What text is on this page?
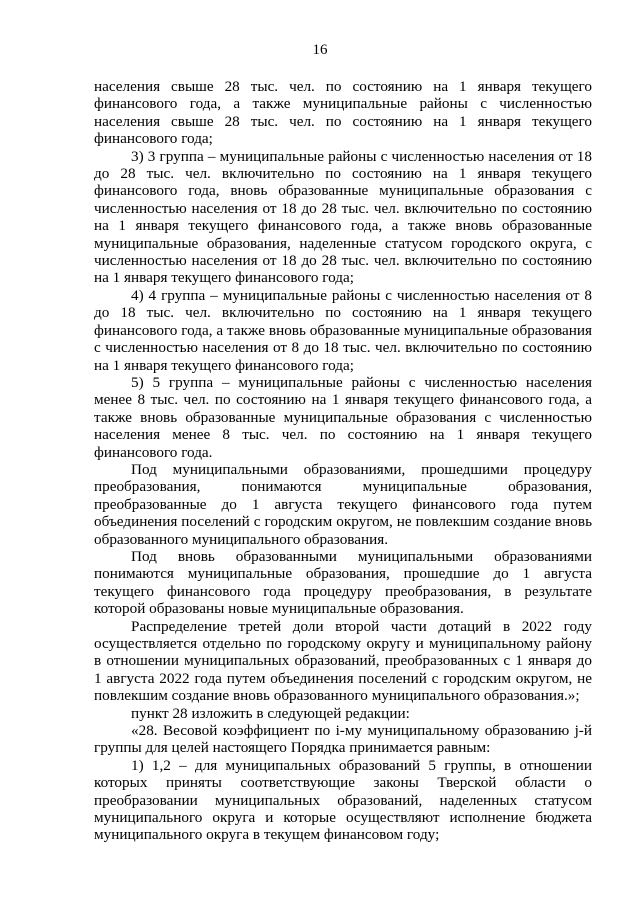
16

населения свыше 28 тыс. чел. по состоянию на 1 января текущего финансового года, а также муниципальные районы с численностью населения свыше 28 тыс. чел. по состоянию на 1 января текущего финансового года;

3) 3 группа – муниципальные районы с численностью населения от 18 до 28 тыс. чел. включительно по состоянию на 1 января текущего финансового года, вновь образованные муниципальные образования с численностью населения от 18 до 28 тыс. чел. включительно по состоянию на 1 января текущего финансового года, а также вновь образованные муниципальные образования, наделенные статусом городского округа, с численностью населения от 18 до 28 тыс. чел. включительно по состоянию на 1 января текущего финансового года;

4) 4 группа – муниципальные районы с численностью населения от 8 до 18 тыс. чел. включительно по состоянию на 1 января текущего финансового года, а также вновь образованные муниципальные образования с численностью населения от 8 до 18 тыс. чел. включительно по состоянию на 1 января текущего финансового года;

5) 5 группа – муниципальные районы с численностью населения менее 8 тыс. чел. по состоянию на 1 января текущего финансового года, а также вновь образованные муниципальные образования с численностью населения менее 8 тыс. чел. по состоянию на 1 января текущего финансового года.

Под муниципальными образованиями, прошедшими процедуру преобразования, понимаются муниципальные образования, преобразованные до 1 августа текущего финансового года путем объединения поселений с городским округом, не повлекшим создание вновь образованного муниципального образования.

Под вновь образованными муниципальными образованиями понимаются муниципальные образования, прошедшие до 1 августа текущего финансового года процедуру преобразования, в результате которой образованы новые муниципальные образования.

Распределение третей доли второй части дотаций в 2022 году осуществляется отдельно по городскому округу и муниципальному району в отношении муниципальных образований, преобразованных с 1 января до 1 августа 2022 года путем объединения поселений с городским округом, не повлекшим создание вновь образованного муниципального образования.»;

пункт 28 изложить в следующей редакции:

«28. Весовой коэффициент по i-му муниципальному образованию j-й группы для целей настоящего Порядка принимается равным:

1) 1,2 – для муниципальных образований 5 группы, в отношении которых приняты соответствующие законы Тверской области о преобразовании муниципальных образований, наделенных статусом муниципального округа и которые осуществляют исполнение бюджета муниципального округа в текущем финансовом году;
